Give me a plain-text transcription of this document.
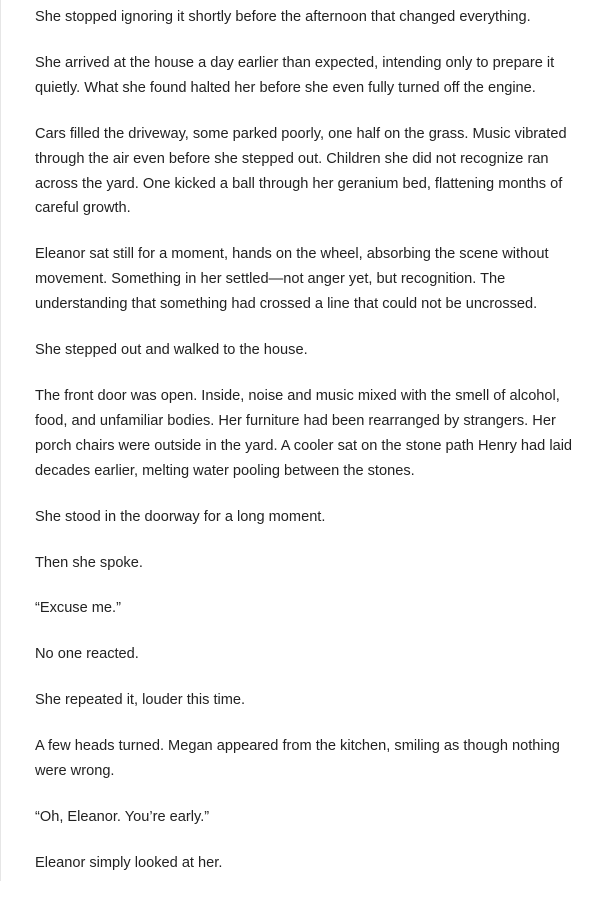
She stopped ignoring it shortly before the afternoon that changed everything.

She arrived at the house a day earlier than expected, intending only to prepare it quietly. What she found halted her before she even fully turned off the engine.

Cars filled the driveway, some parked poorly, one half on the grass. Music vibrated through the air even before she stepped out. Children she did not recognize ran across the yard. One kicked a ball through her geranium bed, flattening months of careful growth.

Eleanor sat still for a moment, hands on the wheel, absorbing the scene without movement. Something in her settled—not anger yet, but recognition. The understanding that something had crossed a line that could not be uncrossed.

She stepped out and walked to the house.

The front door was open. Inside, noise and music mixed with the smell of alcohol, food, and unfamiliar bodies. Her furniture had been rearranged by strangers. Her porch chairs were outside in the yard. A cooler sat on the stone path Henry had laid decades earlier, melting water pooling between the stones.

She stood in the doorway for a long moment.

Then she spoke.

“Excuse me.”

No one reacted.

She repeated it, louder this time.

A few heads turned. Megan appeared from the kitchen, smiling as though nothing were wrong.

“Oh, Eleanor. You’re early.”

Eleanor simply looked at her.
